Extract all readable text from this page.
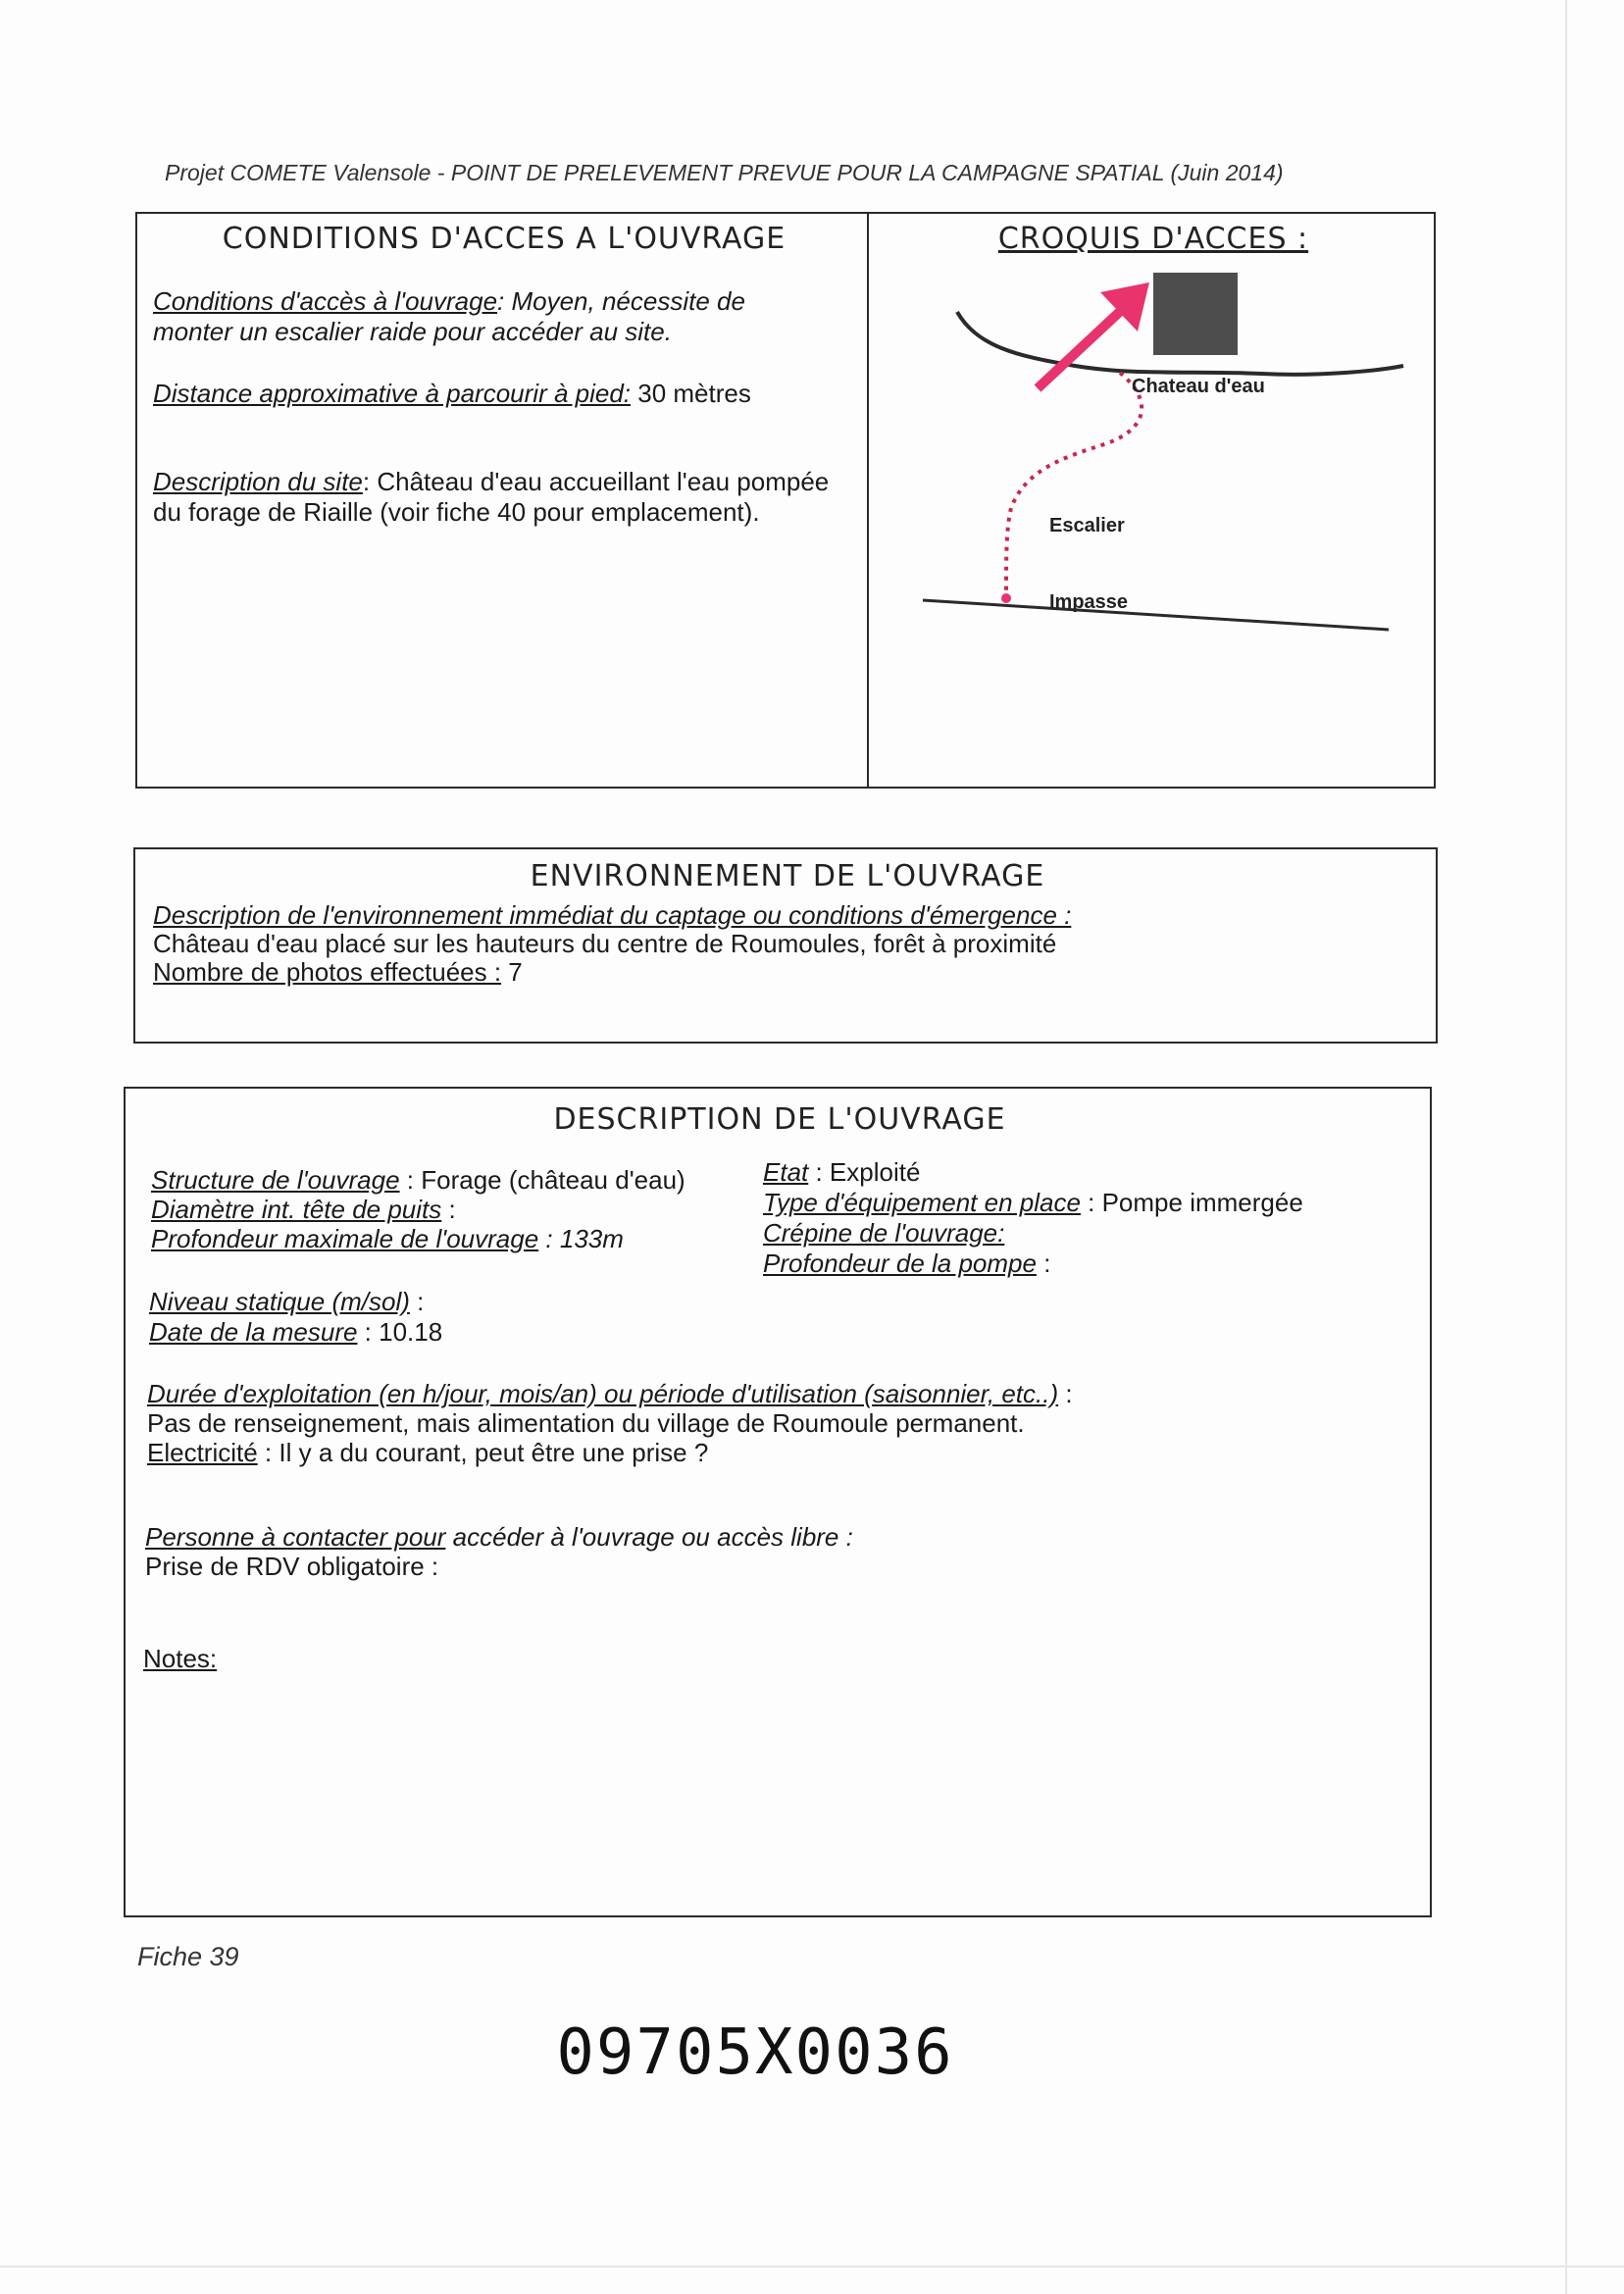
Projet COMETE Valensole - POINT DE PRELEVEMENT PREVUE POUR LA CAMPAGNE SPATIAL (Juin 2014)
CONDITIONS D'ACCES A L'OUVRAGE
Conditions d'accès à l'ouvrage: Moyen, nécessite de monter un escalier raide pour accéder au site.
Distance approximative à parcourir à pied: 30 mètres
Description du site: Château d'eau accueillant l'eau pompée du forage de Riaille (voir fiche 40 pour emplacement).
CROQUIS D'ACCES :
Chateau d'eau
Escalier
Impasse
ENVIRONNEMENT DE L'OUVRAGE
Description de l'environnement immédiat du captage ou conditions d'émergence :
Château d'eau placé sur les hauteurs du centre de Roumoules, forêt à proximité
Nombre de photos effectuées : 7
DESCRIPTION DE L'OUVRAGE
Structure de l'ouvrage : Forage (château d'eau)
Diamètre int. tête de puits :
Profondeur maximale de l'ouvrage : 133m
Etat : Exploité
Type d'équipement en place : Pompe immergée
Crépine de l'ouvrage:
Profondeur de la pompe :
Niveau statique (m/sol) :
Date de la mesure : 10.18
Durée d'exploitation (en h/jour, mois/an) ou période d'utilisation (saisonnier, etc..) :
Pas de renseignement, mais alimentation du village de Roumoule permanent.
Electricité : Il y a du courant, peut être une prise ?
Personne à contacter pour accéder à l'ouvrage ou accès libre :
Prise de RDV obligatoire :
Notes:
Fiche 39
09705X0036
